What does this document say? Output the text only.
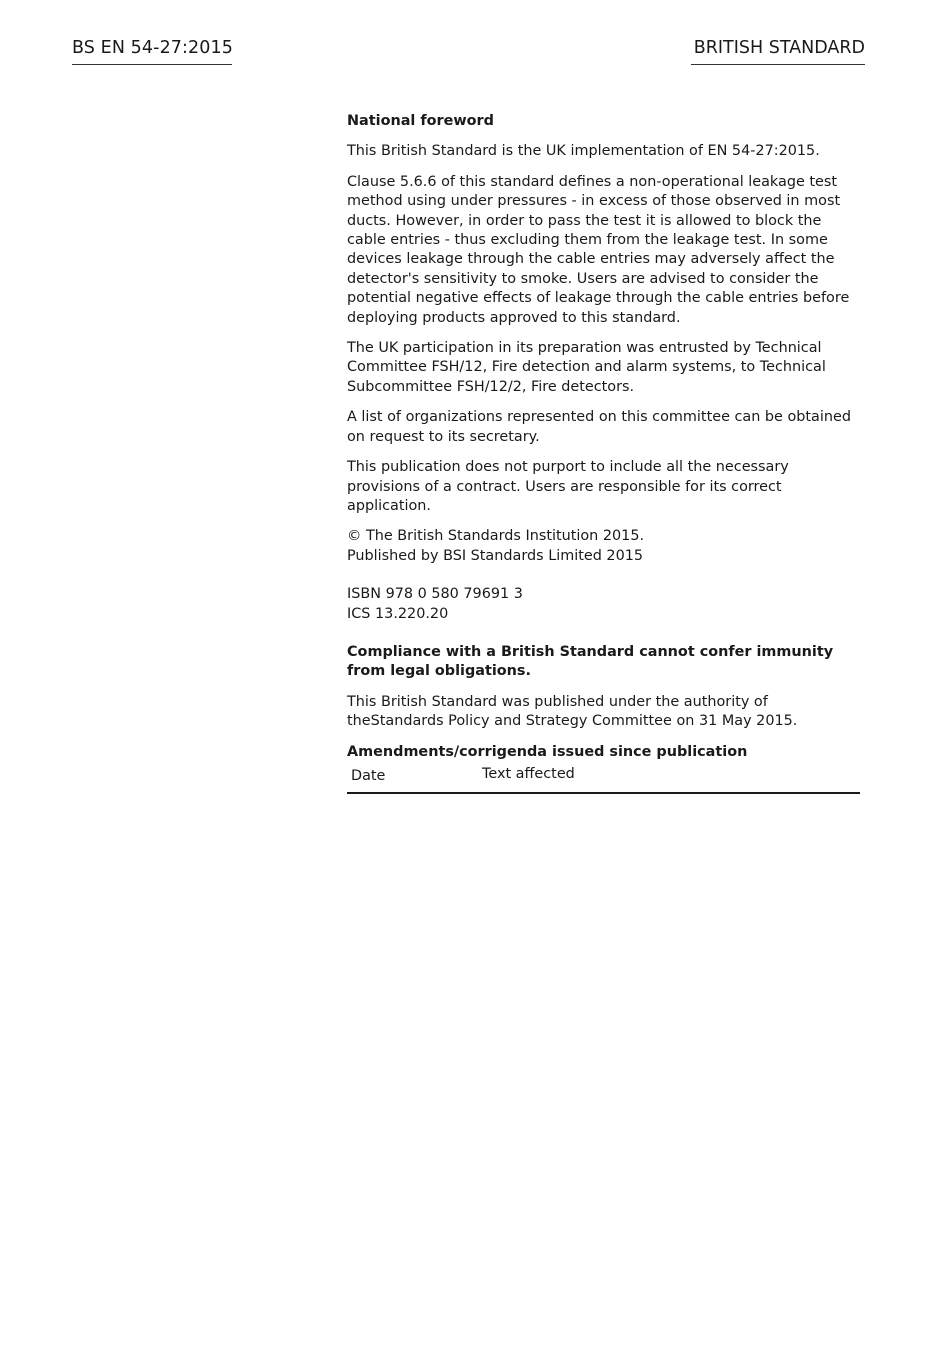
BS EN 54-27:2015	BRITISH STANDARD

National foreword

This British Standard is the UK implementation of EN 54-27:2015.

Clause 5.6.6 of this standard defines a non-operational leakage test method using under pressures - in excess of those observed in most ducts. However, in order to pass the test it is allowed to block the cable entries - thus excluding them from the leakage test. In some devices leakage through the cable entries may adversely affect the detector's sensitivity to smoke. Users are advised to consider the potential negative effects of leakage through the cable entries before deploying products approved to this standard.

The UK participation in its preparation was entrusted by Technical Committee FSH/12, Fire detection and alarm systems, to Technical Subcommittee FSH/12/2, Fire detectors.

A list of organizations represented on this committee can be obtained on request to its secretary.

This publication does not purport to include all the necessary provisions of a contract. Users are responsible for its correct application.

© The British Standards Institution 2015.

Published by BSI Standards Limited 2015

ISBN 978 0 580 79691 3

ICS 13.220.20

Compliance with a British Standard cannot confer immunity from legal obligations.

This British Standard was published under the authority of theStandards Policy and Strategy Committee on 31 May 2015.

Amendments/corrigenda issued since publication

Date	Text affected
